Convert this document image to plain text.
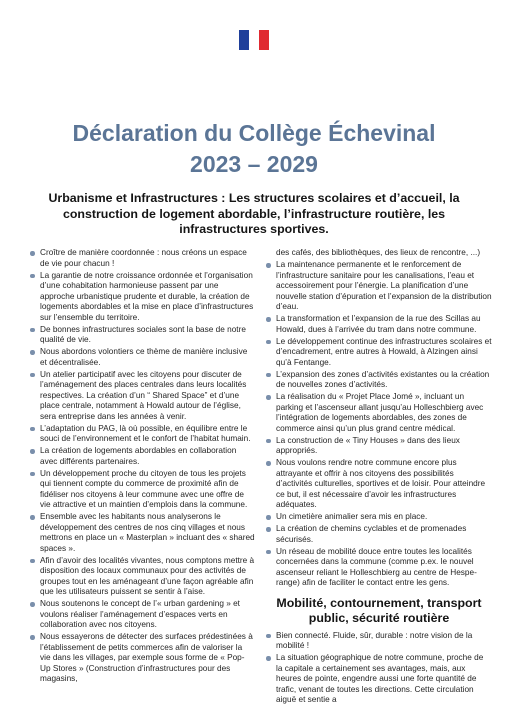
Déclaration du Collège Échevinal
2023 – 2029
Urbanisme et Infrastructures : Les structures scolaires et d’accueil, la construction de logement abordable, l’infrastructure routière, les infrastructures sportives.
Croître de manière coordonnée : nous créons un espace de vie pour chacun !
La garantie de notre croissance ordonnée et l’organisation d’une cohabitation harmonieuse passent par une approche urbanistique prudente et durable, la création de logements abordables et la mise en place d’infrastructures sur l’ensemble du territoire.
De bonnes infrastructures sociales sont la base de notre qualité de vie.
Nous abordons volontiers ce thème de manière inclusive et décentralisée.
Un atelier participatif avec les citoyens pour discuter de l’aménagement des places centrales dans leurs localités respectives. La création d’un “ Shared Space” et d’une place centrale, notamment à Howald autour de l’église, sera entreprise dans les années à venir.
L’adaptation du PAG, là où possible, en équilibre entre le souci de l’environnement et le confort de l’habitat humain.
La création de logements abordables en collaboration avec différents partenaires.
Un développement proche du citoyen de tous les projets qui tiennent compte du commerce de proximité afin de fidéliser nos citoyens à leur commune avec une offre de vie attractive et un maintien d’emplois dans la commune.
Ensemble avec les habitants nous analyserons le développement des centres de nos cinq villages et nous mettrons en place un « Masterplan » incluant des « shared spaces ».
Afin d’avoir des localités vivantes, nous comptons mettre à disposition des locaux communaux pour des activités de groupes tout en les aménageant d’une façon agréable afin que les utilisateurs puissent se sentir à l’aise.
Nous soutenons le concept de l’« urban gardening » et voulons réaliser l’aménagement d’espaces verts en collaboration avec nos citoyens.
Nous essayerons de détecter des surfaces prédestinées à l’établissement de petits commerces afin de valoriser la vie dans les villages, par exemple sous forme de « Pop-Up Stores » (Construction d’infrastructures pour des magasins,
des cafés, des bibliothèques, des lieux de rencontre, ...)
La maintenance permanente et le renforcement de l’infrastructure sanitaire pour les canalisations, l’eau et accessoirement pour l’énergie. La planification d’une nouvelle station d’épuration et l’expansion de la distribution d’eau.
La transformation et l’expansion de la rue des Scillas au Howald, dues à l’arrivée du tram dans notre commune.
Le développement continue des infrastructures scolaires et d’encadrement, entre autres à Howald, à Alzingen ainsi qu’à Fentange.
L’expansion des zones d’activités existantes ou la création de nouvelles zones d’activités.
La réalisation du « Projet Place Jomé », incluant un parking et l’ascenseur allant jusqu’au Holleschbierg avec l’intégration de logements abordables, des zones de commerce ainsi qu’un plus grand centre médical.
La construction de « Tiny Houses » dans des lieux appropriés.
Nous voulons rendre notre commune encore plus attrayante et offrir à nos citoyens des possibilités d’activités culturelles, sportives et de loisir. Pour atteindre ce but, il est nécessaire d’avoir les infrastructures adéquates.
Un cimetière animalier sera mis en place.
La création de chemins cyclables et de promenades sécurisés.
Un réseau de mobilité douce entre toutes les localités concernées dans la commune (comme p.ex. le nouvel ascenseur reliant le Holleschbierg au centre de Hespe-range) afin de faciliter le contact entre les gens.
Mobilité, contournement, transport public, sécurité routière
Bien connecté. Fluide, sûr, durable : notre vision de la mobilité !
La situation géographique de notre commune, proche de la capitale a certainement ses avantages, mais, aux heures de pointe, engendre aussi une forte quantité de trafic, venant de toutes les directions. Cette circulation aiguë et sentie a
